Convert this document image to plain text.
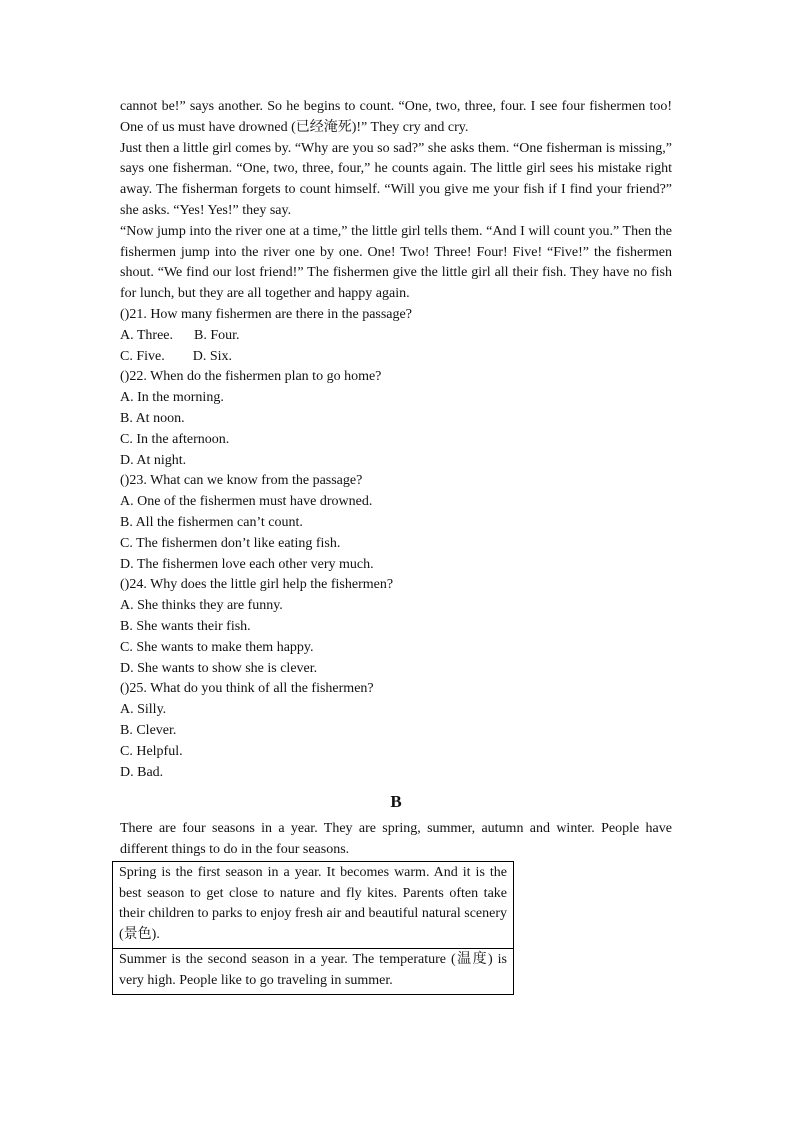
cannot be!” says another. So he begins to count. “One, two, three, four. I see four fishermen too! One of us must have drowned (已经淹死)!” They cry and cry.

Just then a little girl comes by. “Why are you so sad?” she asks them. “One fisherman is missing,” says one fisherman. “One, two, three, four,” he counts again. The little girl sees his mistake right away. The fisherman forgets to count himself. “Will you give me your fish if I find your friend?” she asks. “Yes! Yes!” they say.

“Now jump into the river one at a time,” the little girl tells them. “And I will count you.” Then the fishermen jump into the river one by one. One! Two! Three! Four! Five! “Five!” the fishermen shout. “We find our lost friend!” The fishermen give the little girl all their fish. They have no fish for lunch, but they are all together and happy again.

()21. How many fishermen are there in the passage?

A. Three.      B. Four.

C. Five.        D. Six.

()22. When do the fishermen plan to go home?

A. In the morning.

B. At noon.

C. In the afternoon.

D. At night.

()23. What can we know from the passage?

A. One of the fishermen must have drowned.

B. All the fishermen can’t count.

C. The fishermen don’t like eating fish.

D. The fishermen love each other very much.

()24. Why does the little girl help the fishermen?

A. She thinks they are funny.

B. She wants their fish.

C. She wants to make them happy.

D. She wants to show she is clever.

()25. What do you think of all the fishermen?

A. Silly.

B. Clever.

C. Helpful.

D. Bad.

B

There are four seasons in a year. They are spring, summer, autumn and winter. People have different things to do in the four seasons.

Spring is the first season in a year. It becomes warm. And it is the best season to get close to nature and fly kites. Parents often take their children to parks to enjoy fresh air and beautiful natural scenery (景色).

Summer is the second season in a year. The temperature (温度) is very high. People like to go traveling in summer.
